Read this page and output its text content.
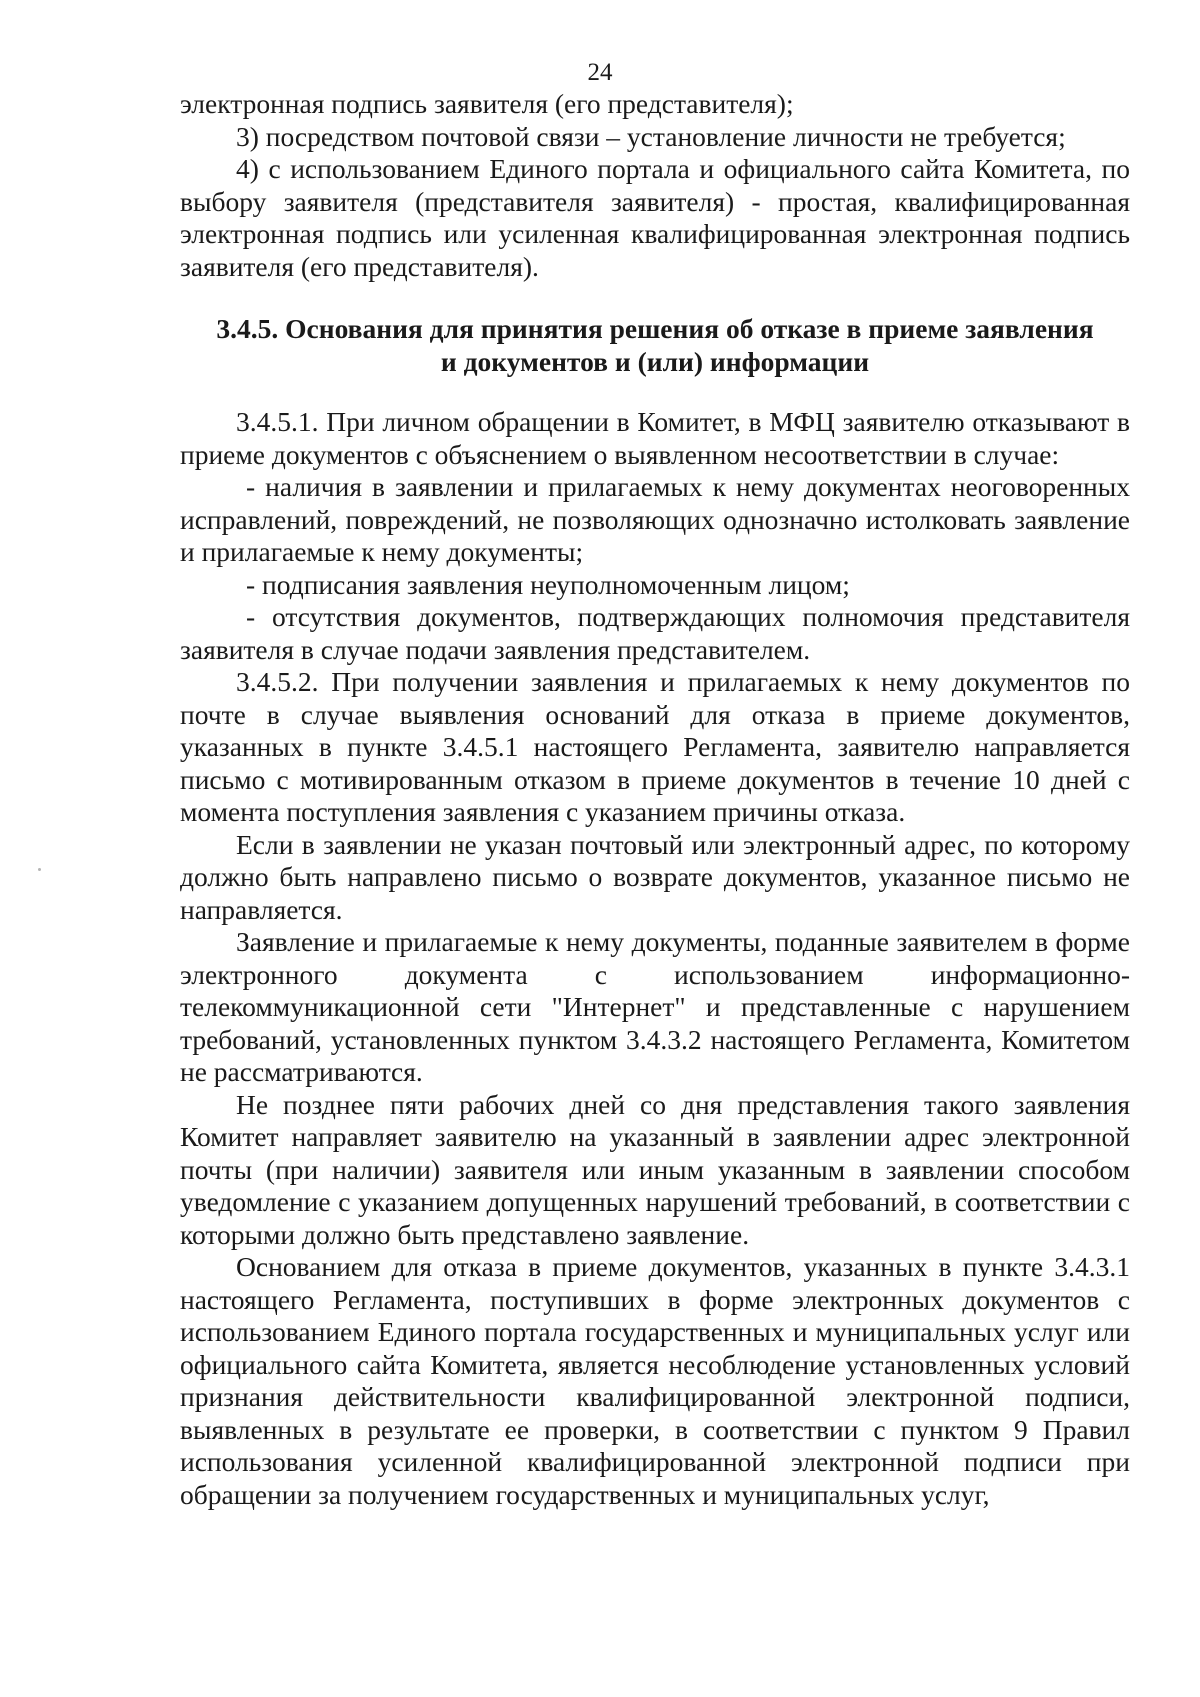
24

электронная подпись заявителя (его представителя);

3) посредством почтовой связи – установление личности не требуется;

4) с использованием Единого портала и официального сайта Комитета, по выбору заявителя (представителя заявителя) - простая, квалифицированная электронная подпись или усиленная квалифицированная электронная подпись заявителя (его представителя).

3.4.5. Основания для принятия решения об отказе в приеме заявления
и документов и (или) информации

3.4.5.1. При личном обращении в Комитет, в МФЦ заявителю отказывают в приеме документов с объяснением о выявленном несоответствии в случае:

- наличия в заявлении и прилагаемых к нему документах неоговоренных исправлений, повреждений, не позволяющих однозначно истолковать заявление и прилагаемые к нему документы;

- подписания заявления неуполномоченным лицом;

- отсутствия документов, подтверждающих полномочия представителя заявителя в случае подачи заявления представителем.

3.4.5.2. При получении заявления и прилагаемых к нему документов по почте в случае выявления оснований для отказа в приеме документов, указанных в пункте 3.4.5.1 настоящего Регламента, заявителю направляется письмо с мотивированным отказом в приеме документов в течение 10 дней с момента поступления заявления с указанием причины отказа.

Если в заявлении не указан почтовый или электронный адрес, по которому должно быть направлено письмо о возврате документов, указанное письмо не направляется.

Заявление и прилагаемые к нему документы, поданные заявителем в форме электронного документа с использованием информационно-телекоммуникационной сети "Интернет" и представленные с нарушением требований, установленных пунктом 3.4.3.2 настоящего Регламента, Комитетом не рассматриваются.

Не позднее пяти рабочих дней со дня представления такого заявления Комитет направляет заявителю на указанный в заявлении адрес электронной почты (при наличии) заявителя или иным указанным в заявлении способом уведомление с указанием допущенных нарушений требований, в соответствии с которыми должно быть представлено заявление.

Основанием для отказа в приеме документов, указанных в пункте 3.4.3.1 настоящего Регламента, поступивших в форме электронных документов с использованием Единого портала государственных и муниципальных услуг или официального сайта Комитета, является несоблюдение установленных условий признания действительности квалифицированной электронной подписи, выявленных в результате ее проверки, в соответствии с пунктом 9 Правил использования усиленной квалифицированной электронной подписи при обращении за получением государственных и муниципальных услуг,
